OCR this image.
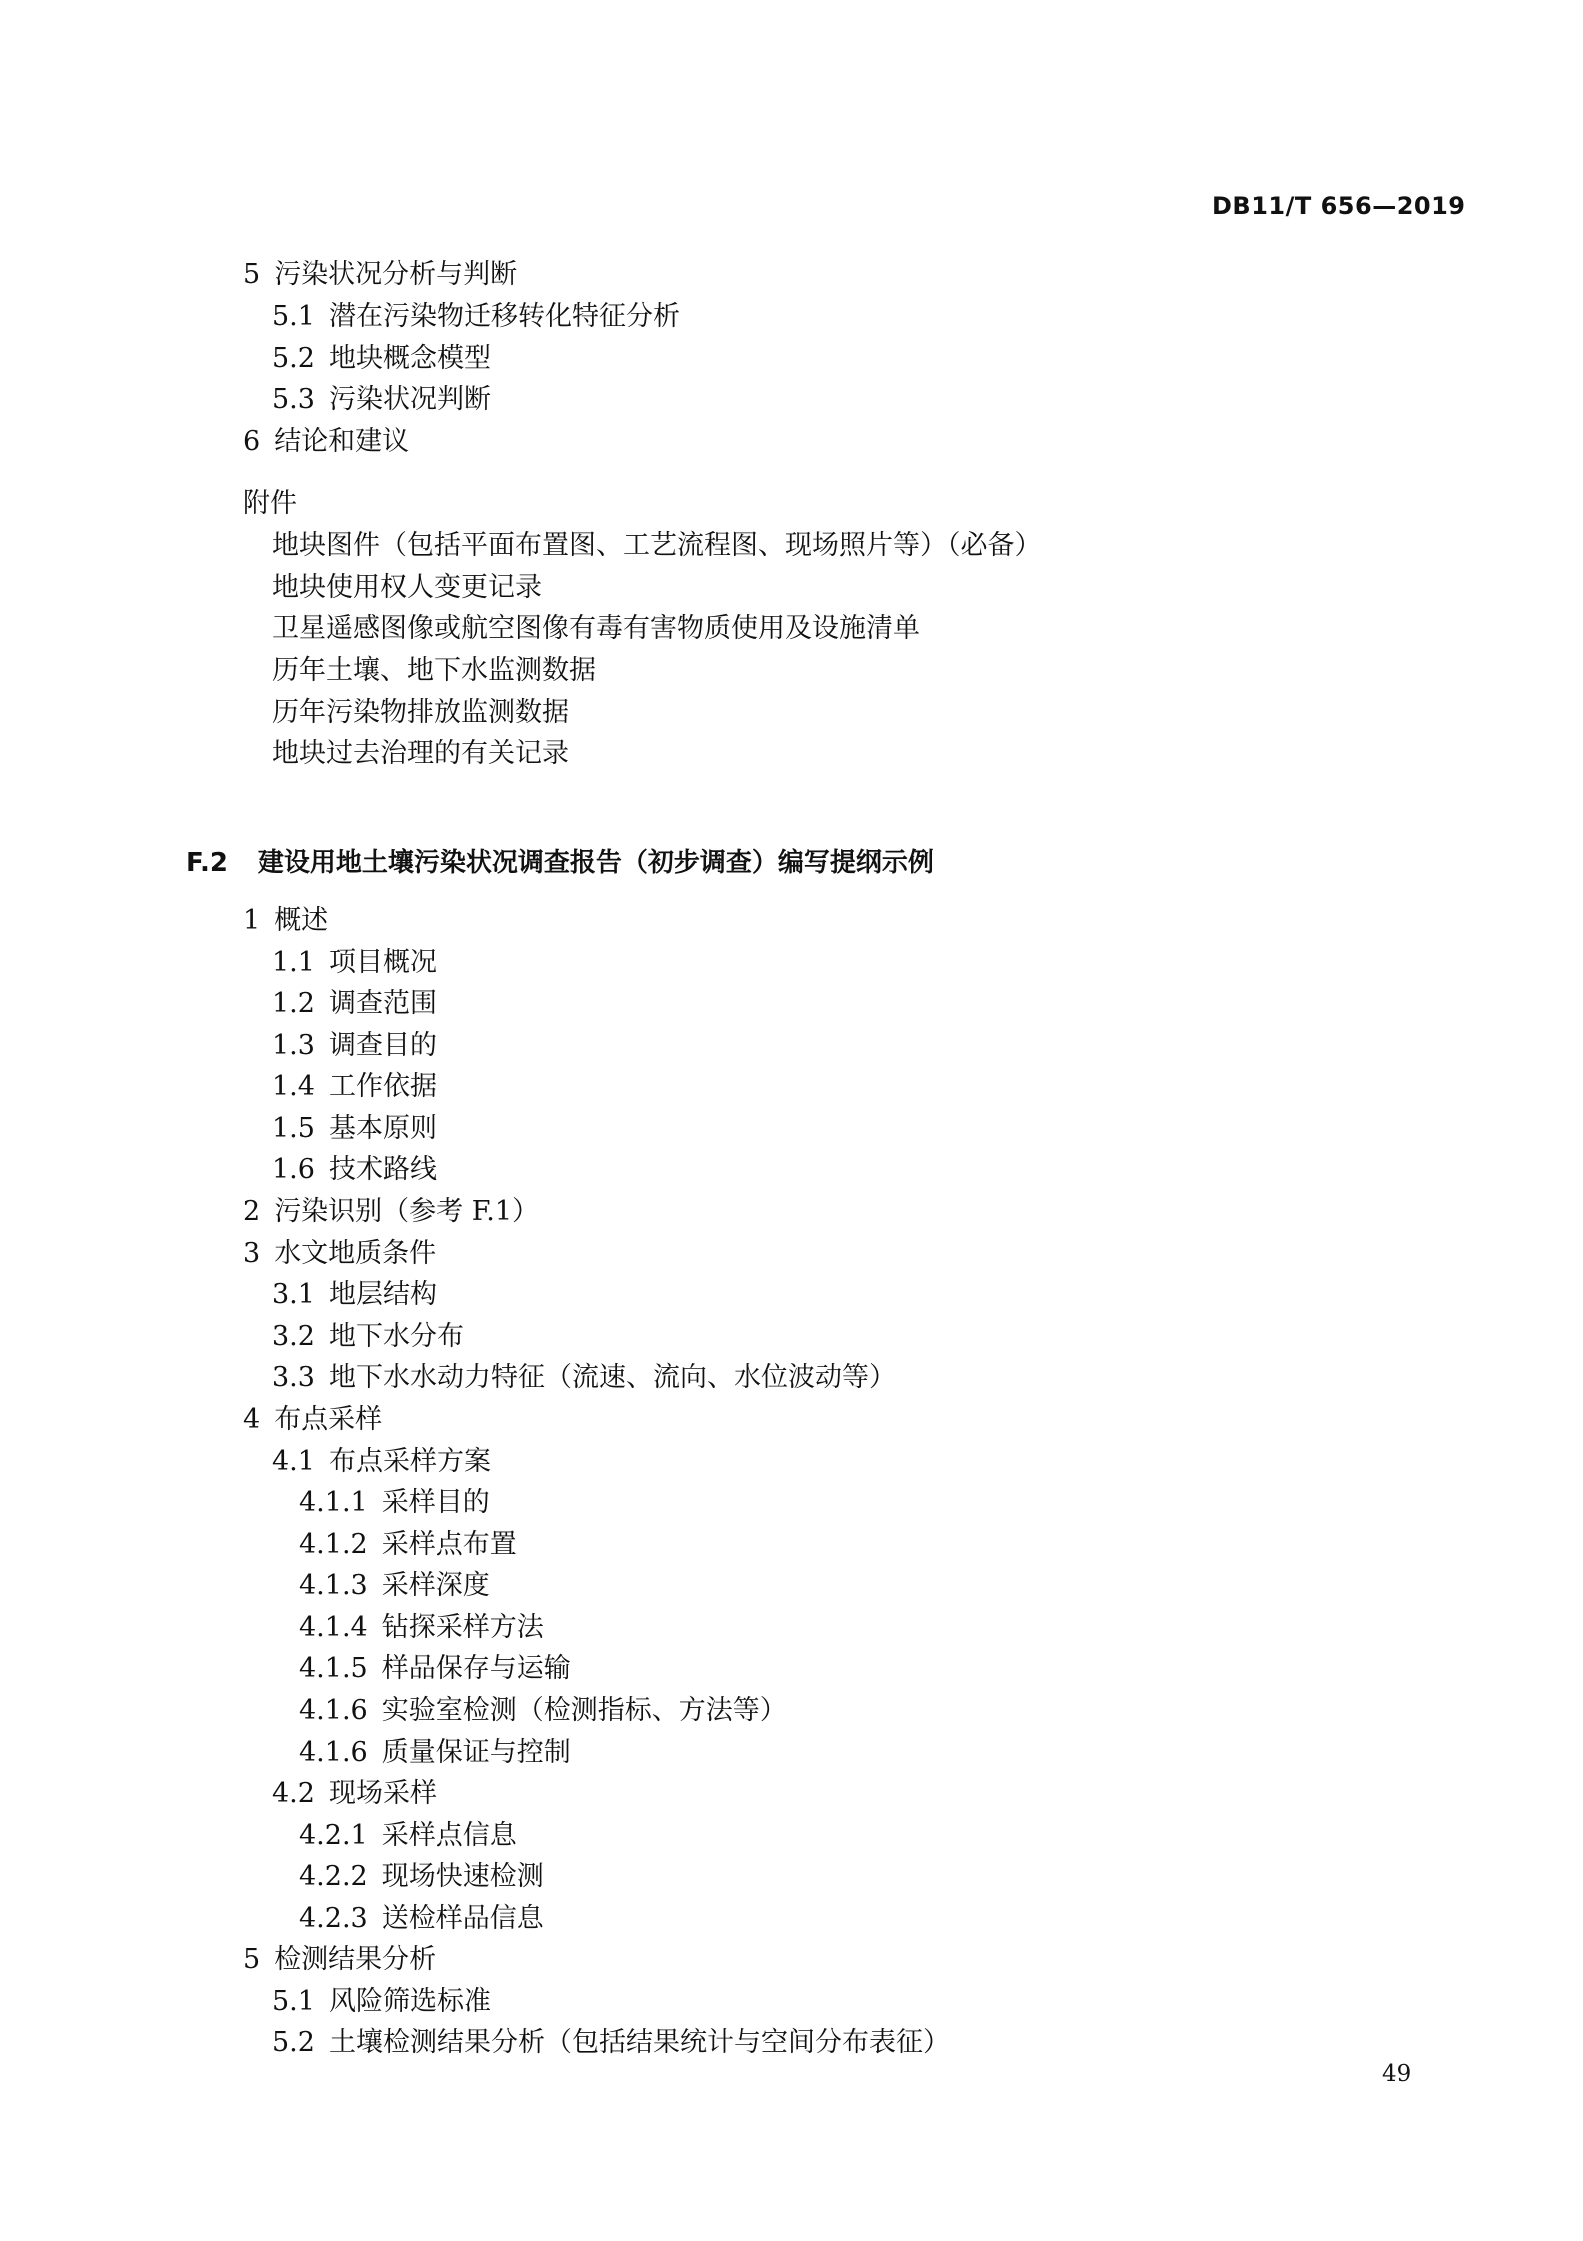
DB11/T 656—2019
5 污染状况分析与判断
5.1 潜在污染物迁移转化特征分析
5.2 地块概念模型
5.3 污染状况判断
6 结论和建议
附件
地块图件（包括平面布置图、工艺流程图、现场照片等）（必备）
地块使用权人变更记录
卫星遥感图像或航空图像有毒有害物质使用及设施清单
历年土壤、地下水监测数据
历年污染物排放监测数据
地块过去治理的有关记录
F.2 建设用地土壤污染状况调查报告（初步调查）编写提纲示例
1 概述
1.1 项目概况
1.2 调查范围
1.3 调查目的
1.4 工作依据
1.5 基本原则
1.6 技术路线
2 污染识别（参考 F.1）
3 水文地质条件
3.1 地层结构
3.2 地下水分布
3.3 地下水水动力特征（流速、流向、水位波动等）
4 布点采样
4.1 布点采样方案
4.1.1 采样目的
4.1.2 采样点布置
4.1.3 采样深度
4.1.4 钻探采样方法
4.1.5 样品保存与运输
4.1.6 实验室检测（检测指标、方法等）
4.1.6 质量保证与控制
4.2 现场采样
4.2.1 采样点信息
4.2.2 现场快速检测
4.2.3 送检样品信息
5 检测结果分析
5.1 风险筛选标准
5.2 土壤检测结果分析（包括结果统计与空间分布表征）
49
